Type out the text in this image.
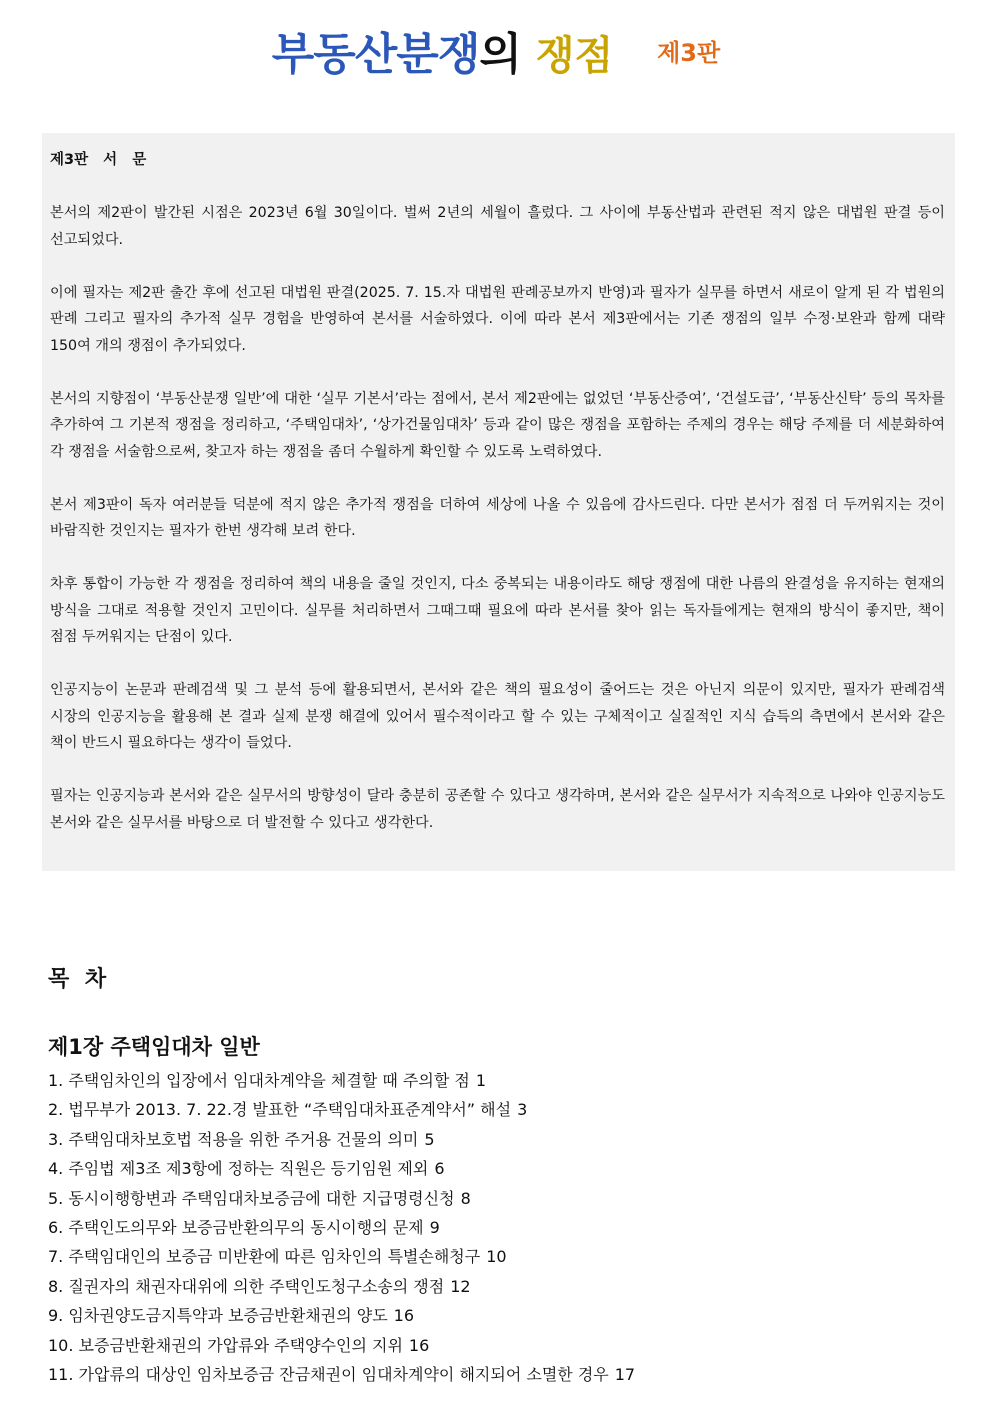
부동산분쟁의 쟁점 제3판
제3판 서 문

본서의 제2판이 발간된 시점은 2023년 6월 30일이다. 벌써 2년의 세월이 흘렀다. 그 사이에 부동산법과 관련된 적지 않은 대법원 판결 등이 선고되었다.

이에 필자는 제2판 출간 후에 선고된 대법원 판결(2025. 7. 15.자 대법원 판례공보까지 반영)과 필자가 실무를 하면서 새로이 알게 된 각 법원의 판례 그리고 필자의 추가적 실무 경험을 반영하여 본서를 서술하였다. 이에 따라 본서 제3판에서는 기존 쟁점의 일부 수정·보완과 함께 대략 150여 개의 쟁점이 추가되었다.

본서의 지향점이 ‘부동산분쟁 일반’에 대한 ‘실무 기본서’라는 점에서, 본서 제2판에는 없었던 ‘부동산증여’, ‘건설도급’, ‘부동산신탁’ 등의 목차를 추가하여 그 기본적 쟁점을 정리하고, ‘주택임대차’, ‘상가건물임대차’ 등과 같이 많은 쟁점을 포함하는 주제의 경우는 해당 주제를 더 세분화하여 각 쟁점을 서술함으로써, 찾고자 하는 쟁점을 좀더 수월하게 확인할 수 있도록 노력하였다.

본서 제3판이 독자 여러분들 덕분에 적지 않은 추가적 쟁점을 더하여 세상에 나올 수 있음에 감사드린다. 다만 본서가 점점 더 두꺼워지는 것이 바람직한 것인지는 필자가 한번 생각해 보려 한다.

차후 통합이 가능한 각 쟁점을 정리하여 책의 내용을 줄일 것인지, 다소 중복되는 내용이라도 해당 쟁점에 대한 나름의 완결성을 유지하는 현재의 방식을 그대로 적용할 것인지 고민이다. 실무를 처리하면서 그때그때 필요에 따라 본서를 찾아 읽는 독자들에게는 현재의 방식이 좋지만, 책이 점점 두꺼워지는 단점이 있다.

인공지능이 논문과 판례검색 및 그 분석 등에 활용되면서, 본서와 같은 책의 필요성이 줄어드는 것은 아닌지 의문이 있지만, 필자가 판례검색 시장의 인공지능을 활용해 본 결과 실제 분쟁 해결에 있어서 필수적이라고 할 수 있는 구체적이고 실질적인 지식 습득의 측면에서 본서와 같은 책이 반드시 필요하다는 생각이 들었다.

필자는 인공지능과 본서와 같은 실무서의 방향성이 달라 충분히 공존할 수 있다고 생각하며, 본서와 같은 실무서가 지속적으로 나와야 인공지능도 본서와 같은 실무서를 바탕으로 더 발전할 수 있다고 생각한다.

목 차
제1장 주택임대차 일반
1. 주택임차인의 입장에서 임대차계약을 체결할 때 주의할 점 1
2. 법무부가 2013. 7. 22.경 발표한 “주택임대차표준계약서” 해설 3
3. 주택임대차보호법 적용을 위한 주거용 건물의 의미 5
4. 주임법 제3조 제3항에 정하는 직원은 등기임원 제외 6
5. 동시이행항변과 주택임대차보증금에 대한 지급명령신청 8
6. 주택인도의무와 보증금반환의무의 동시이행의 문제 9
7. 주택임대인의 보증금 미반환에 따른 임차인의 특별손해청구 10
8. 질권자의 채권자대위에 의한 주택인도청구소송의 쟁점 12
9. 임차권양도금지특약과 보증금반환채권의 양도 16
10. 보증금반환채권의 가압류와 주택양수인의 지위 16
11. 가압류의 대상인 임차보증금 잔금채권이 임대차계약이 해지되어 소멸한 경우 17
